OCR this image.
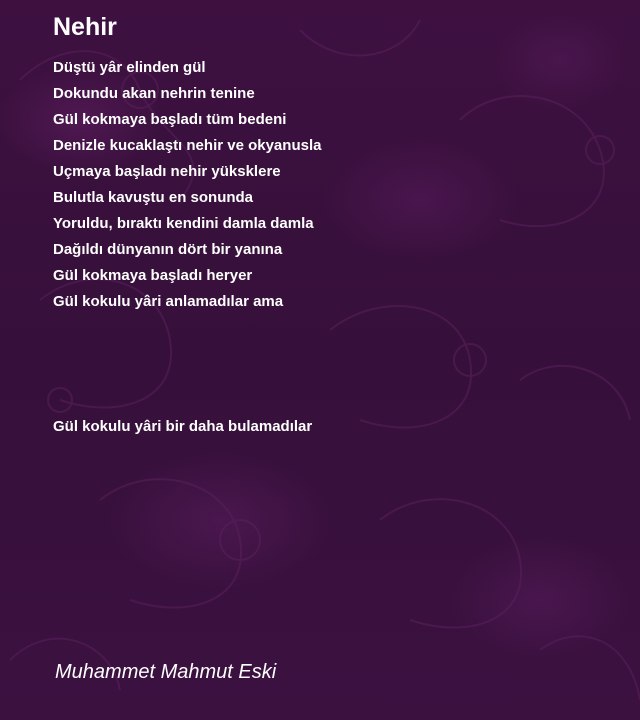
Nehir
Düştü yâr elinden gül
Dokundu akan nehrin tenine
Gül kokmaya başladı tüm bedeni
Denizle kucaklaştı nehir ve okyanusla
Uçmaya başladı nehir yüksklere
Bulutla kavuştu en sonunda
Yoruldu, bıraktı kendini damla damla
Dağıldı dünyanın dört bir yanına
Gül kokmaya başladı heryer
Gül kokulu yâri anlamadılar ama
Gül kokulu yâri bir daha bulamadılar

Muhammet Mahmut Eski
